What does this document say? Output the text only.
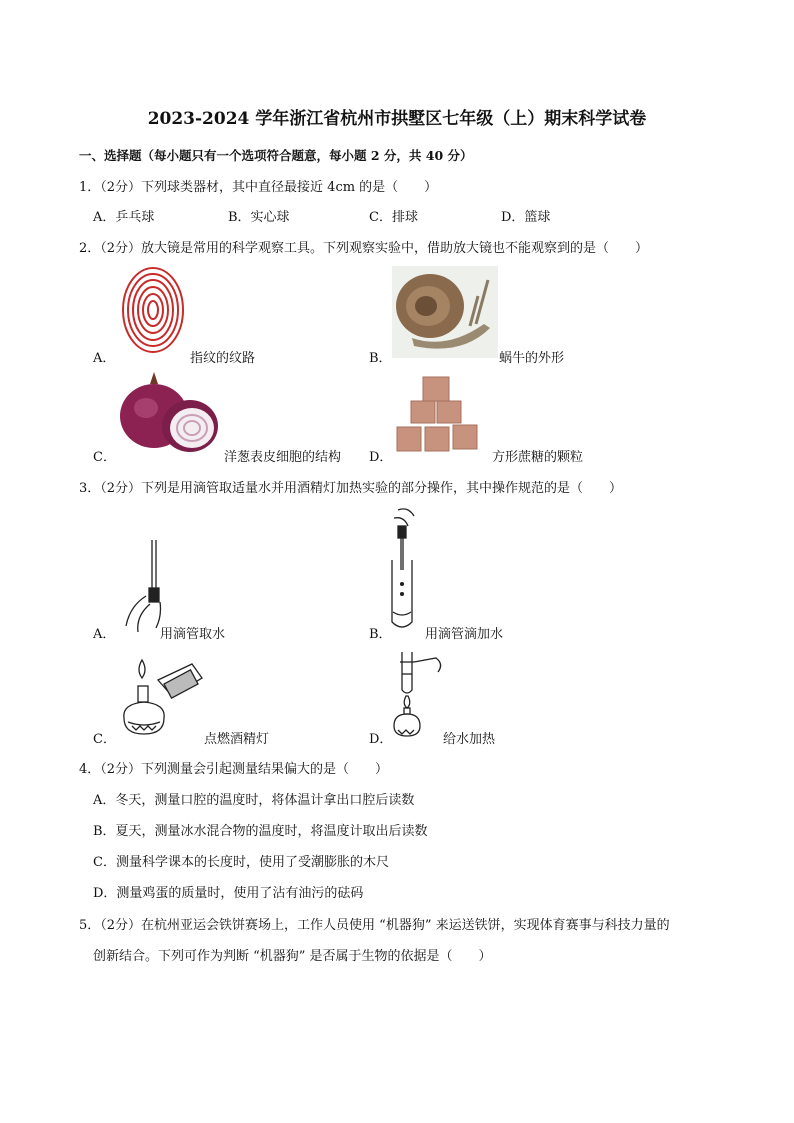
2023-2024 学年浙江省杭州市拱墅区七年级（上）期末科学试卷
一、选择题（每小题只有一个选项符合题意，每小题 2 分，共 40 分）
1．（2分）下列球类器材，其中直径最接近 4cm 的是（　　）
A．乒乓球	B．实心球	C．排球	D．篮球
2．（2分）放大镜是常用的科学观察工具。下列观察实验中，借助放大镜也不能观察到的是（　　）
A．	指纹的纹路	B．	蜗牛的外形
C．	洋葱表皮细胞的结构 D．	方形蔗糖的颗粒
3．（2分）下列是用滴管取适量水并用酒精灯加热实验的部分操作，其中操作规范的是（　　）
A．	用滴管取水	B．	用滴管滴加水
C．	点燃酒精灯	D．	给水加热
4．（2分）下列测量会引起测量结果偏大的是（　　）
A．冬天，测量口腔的温度时，将体温计拿出口腔后读数
B．夏天，测量冰水混合物的温度时，将温度计取出后读数
C．测量科学课本的长度时，使用了受潮膨胀的木尺
D．测量鸡蛋的质量时，使用了沾有油污的砝码
5．（2分）在杭州亚运会铁饼赛场上，工作人员使用 “机器狗” 来运送铁饼，实现体育赛事与科技力量的
创新结合。下列可作为判断 “机器狗” 是否属于生物的依据是（　　）
